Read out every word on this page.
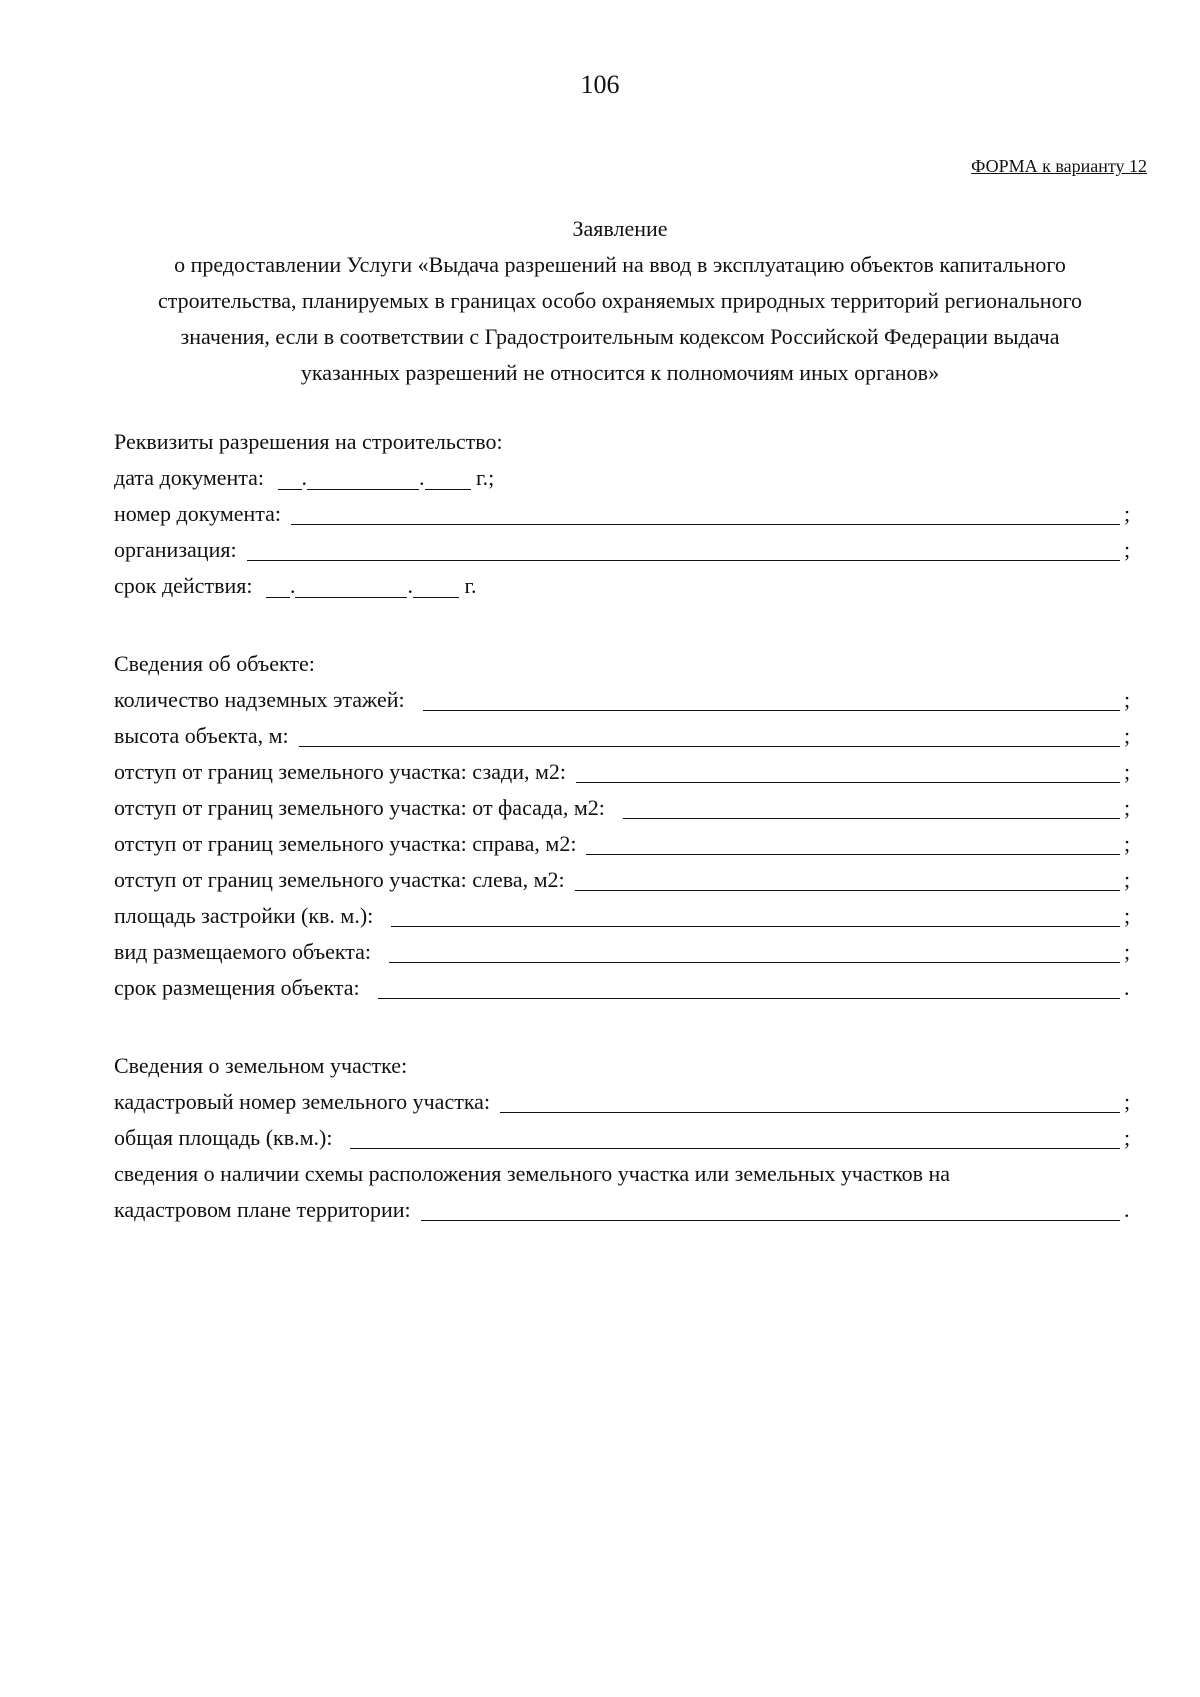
106
ФОРМА к варианту 12
Заявление
о предоставлении Услуги «Выдача разрешений на ввод в эксплуатацию объектов капитального
строительства, планируемых в границах особо охраняемых природных территорий регионального
значения, если в соответствии с Градостроительным кодексом Российской Федерации выдача
указанных разрешений не относится к полномочиям иных органов»
Реквизиты разрешения на строительство:
дата документа: .	. г.;
номер документа:	;
организация:	;
срок действия: .	. г.
Сведения об объекте:
количество надземных этажей:	;
высота объекта, м:	;
отступ от границ земельного участка: сзади, м2:	;
отступ от границ земельного участка: от фасада, м2:	;
отступ от границ земельного участка: справа, м2:	;
отступ от границ земельного участка: слева, м2:	;
площадь застройки (кв. м.):	;
вид размещаемого объекта:	;
срок размещения объекта:	.
Сведения о земельном участке:
кадастровый номер земельного участка:	;
общая площадь (кв.м.):	;
сведения о наличии схемы расположения земельного участка или земельных участков на
кадастровом плане территории:	.
